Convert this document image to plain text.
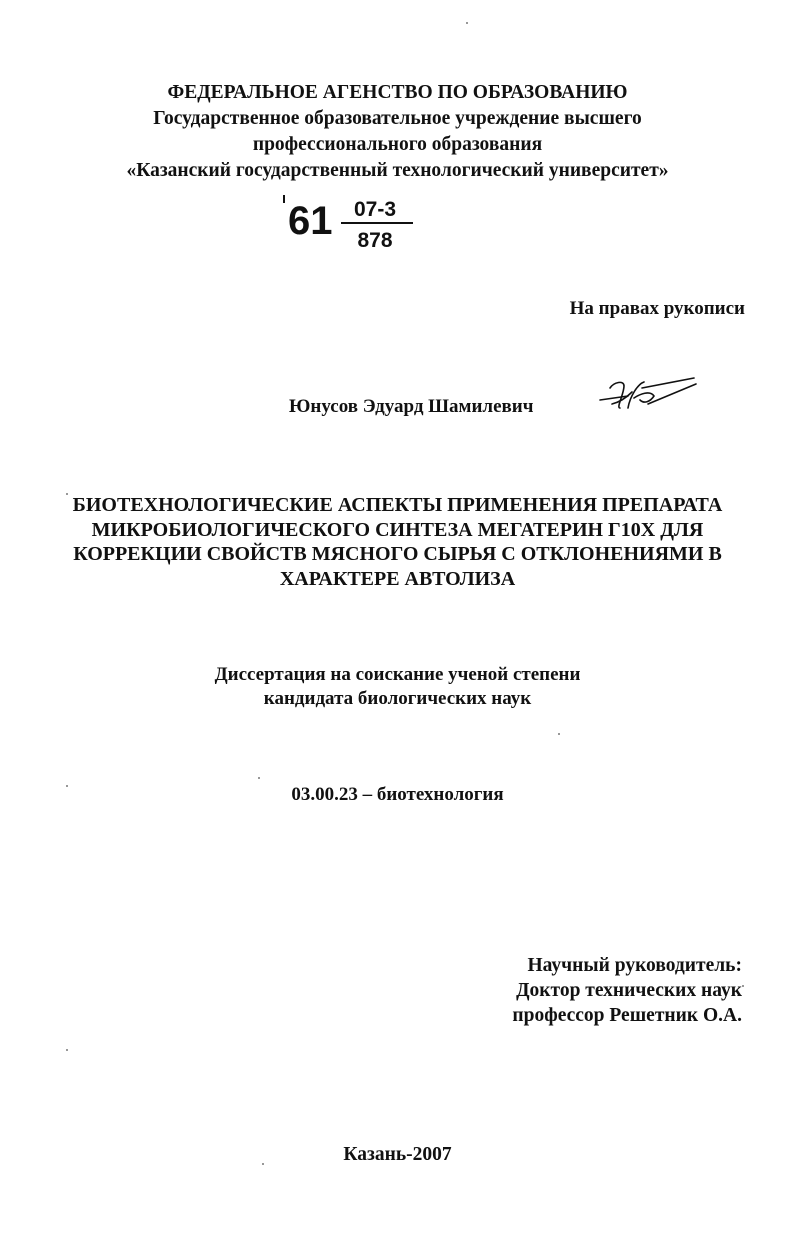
ФЕДЕРАЛЬНОЕ АГЕНСТВО ПО ОБРАЗОВАНИЮ
Государственное образовательное учреждение высшего
профессионального образования
«Казанский государственный технологический университет»
61	07-3
878
На правах рукописи
Юнусов Эдуард Шамилевич
БИОТЕХНОЛОГИЧЕСКИЕ АСПЕКТЫ ПРИМЕНЕНИЯ ПРЕПАРАТА
МИКРОБИОЛОГИЧЕСКОГО СИНТЕЗА МЕГАТЕРИН Г10Х ДЛЯ
КОРРЕКЦИИ СВОЙСТВ МЯСНОГО СЫРЬЯ С ОТКЛОНЕНИЯМИ В
ХАРАКТЕРЕ АВТОЛИЗА
Диссертация на соискание ученой степени
кандидата биологических наук
03.00.23 – биотехнология
Научный руководитель:
Доктор технических наук
профессор Решетник О.А.
Казань-2007
